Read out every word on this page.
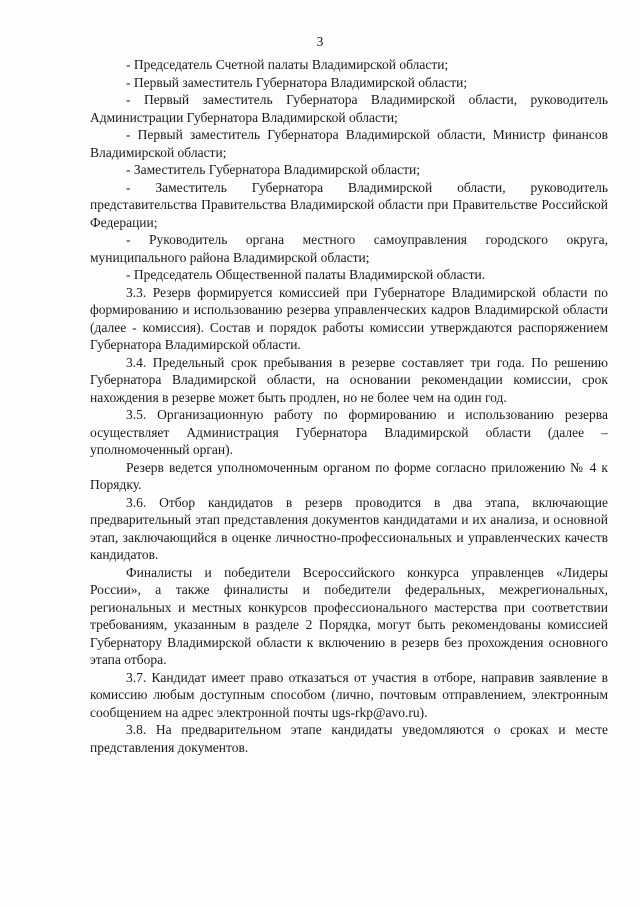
3

- Председатель Счетной палаты Владимирской области;

- Первый заместитель Губернатора Владимирской области;

- Первый заместитель Губернатора Владимирской области, руководитель Администрации Губернатора Владимирской области;

- Первый заместитель Губернатора Владимирской области, Министр финансов Владимирской области;

- Заместитель Губернатора Владимирской области;

- Заместитель Губернатора Владимирской области, руководитель представительства Правительства Владимирской области при Правительстве Российской Федерации;

- Руководитель органа местного самоуправления городского округа, муниципального района Владимирской области;

- Председатель Общественной палаты Владимирской области.

3.3. Резерв формируется комиссией при Губернаторе Владимирской области по формированию и использованию резерва управленческих кадров Владимирской области (далее - комиссия). Состав и порядок работы комиссии утверждаются распоряжением Губернатора Владимирской области.

3.4. Предельный срок пребывания в резерве составляет три года. По решению Губернатора Владимирской области, на основании рекомендации комиссии, срок нахождения в резерве может быть продлен, но не более чем на один год.

3.5. Организационную работу по формированию и использованию резерва осуществляет Администрация Губернатора Владимирской области (далее – уполномоченный орган).

Резерв ведется уполномоченным органом по форме согласно приложению № 4 к Порядку.

3.6. Отбор кандидатов в резерв проводится в два этапа, включающие предварительный этап представления документов кандидатами и их анализа, и основной этап, заключающийся в оценке личностно-профессиональных и управленческих качеств кандидатов.

Финалисты и победители Всероссийского конкурса управленцев «Лидеры России», а также финалисты и победители федеральных, межрегиональных, региональных и местных конкурсов профессионального мастерства при соответствии требованиям, указанным в разделе 2 Порядка, могут быть рекомендованы комиссией Губернатору Владимирской области к включению в резерв без прохождения основного этапа отбора.

3.7. Кандидат имеет право отказаться от участия в отборе, направив заявление в комиссию любым доступным способом (лично, почтовым отправлением, электронным сообщением на адрес электронной почты ugs-rkp@avo.ru).

3.8. На предварительном этапе кандидаты уведомляются о сроках и месте представления документов.
